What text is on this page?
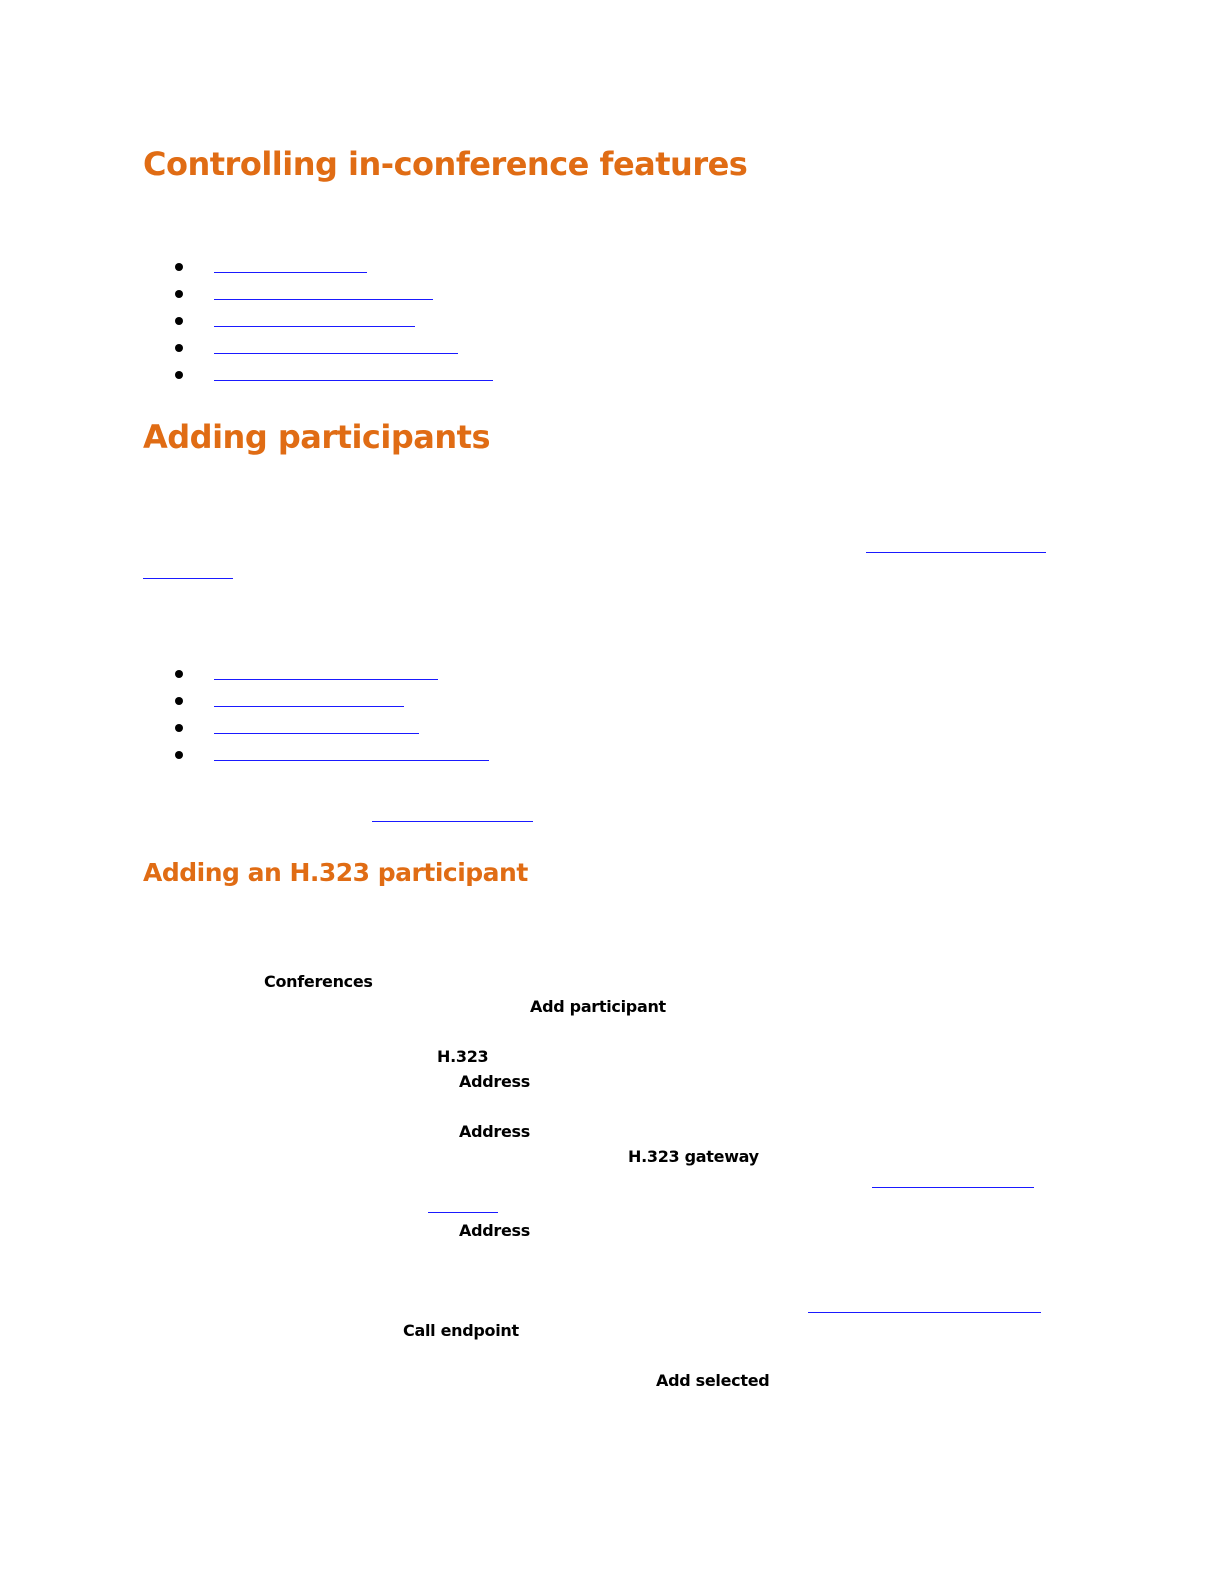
Controlling in-conference features
Adding participants
Adding an H.323 participant
Conferences
Add participant
H.323
Address
Address
H.323 gateway
Address
Call endpoint
Add selected
